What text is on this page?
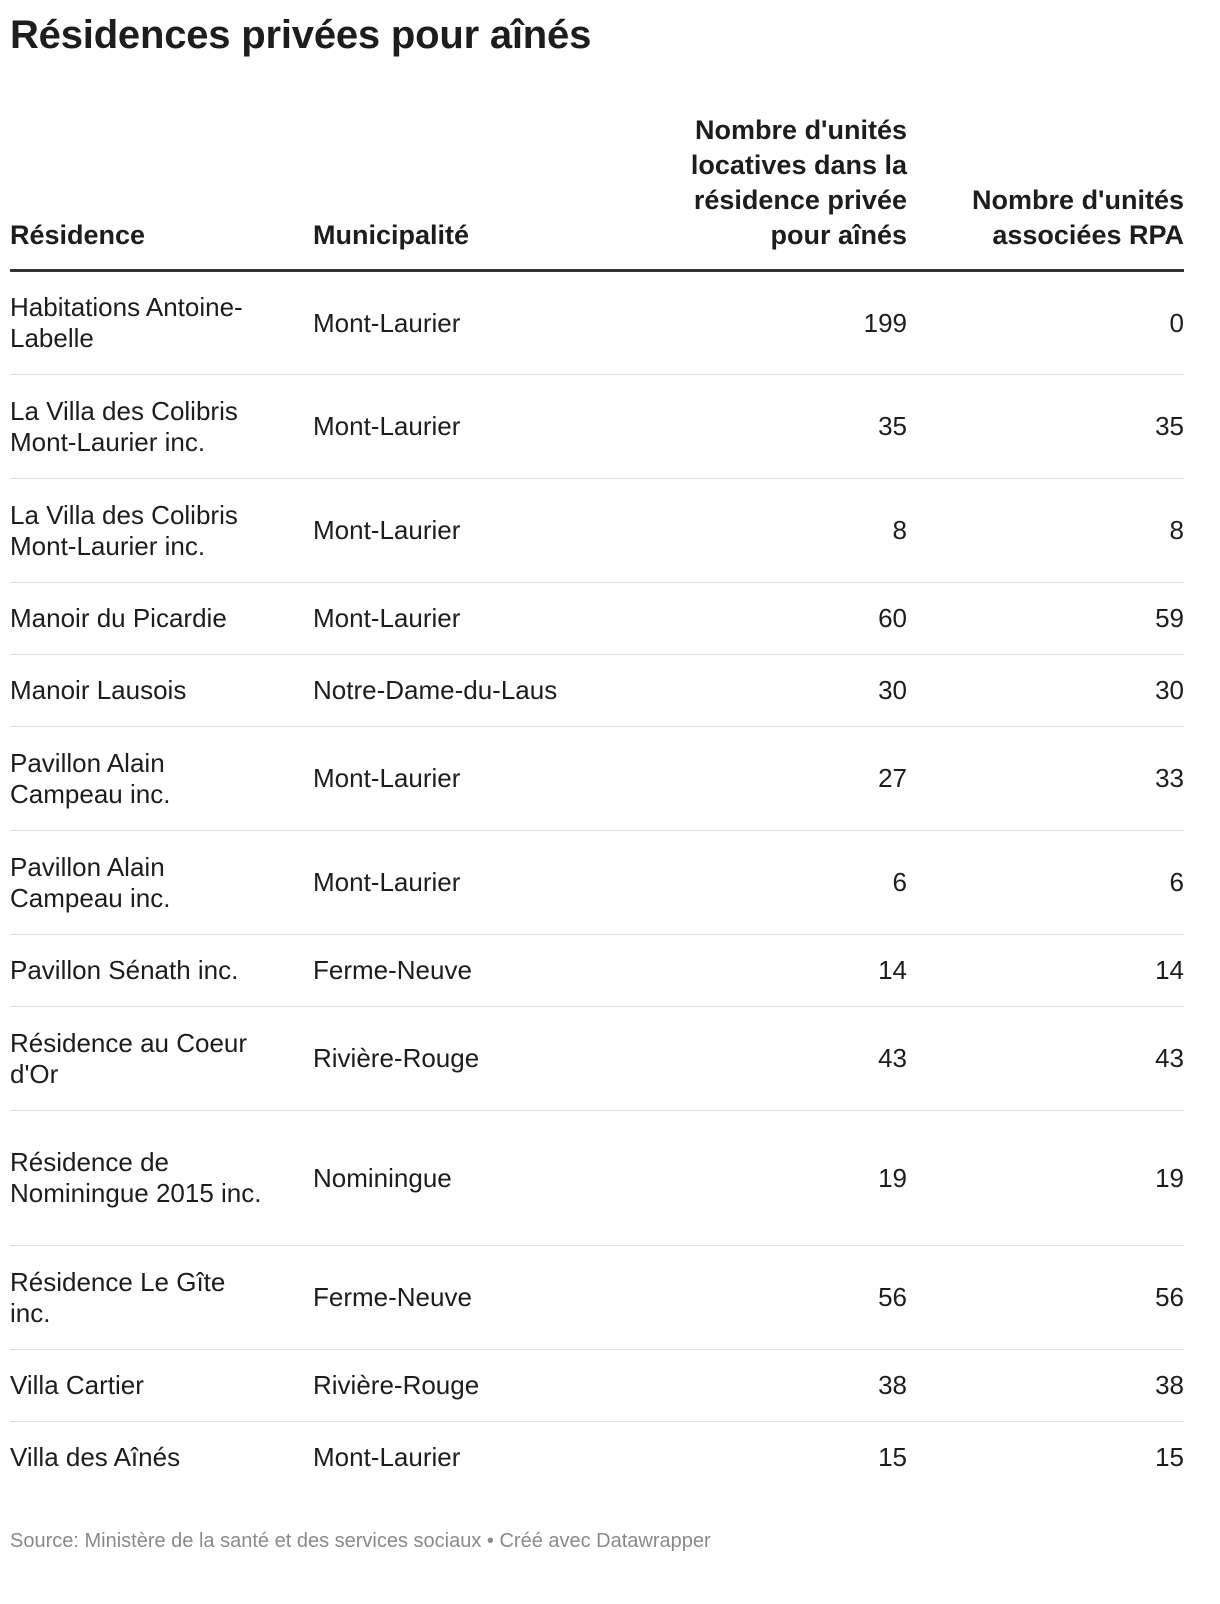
Résidences privées pour aînés
Résidence	Municipalité	Nombre d'unités locatives dans la résidence privée pour aînés	Nombre d'unités associées RPA
Habitations Antoine-Labelle	Mont-Laurier	199	0
La Villa des Colibris Mont-Laurier inc.	Mont-Laurier	35	35
La Villa des Colibris Mont-Laurier inc.	Mont-Laurier	8	8
Manoir du Picardie	Mont-Laurier	60	59
Manoir Lausois	Notre-Dame-du-Laus	30	30
Pavillon Alain Campeau inc.	Mont-Laurier	27	33
Pavillon Alain Campeau inc.	Mont-Laurier	6	6
Pavillon Sénath inc.	Ferme-Neuve	14	14
Résidence au Coeur d'Or	Rivière-Rouge	43	43
Résidence de Nominingue 2015 inc.	Nominingue	19	19
Résidence Le Gîte inc.	Ferme-Neuve	56	56
Villa Cartier	Rivière-Rouge	38	38
Villa des Aînés	Mont-Laurier	15	15
Source: Ministère de la santé et des services sociaux • Créé avec Datawrapper
